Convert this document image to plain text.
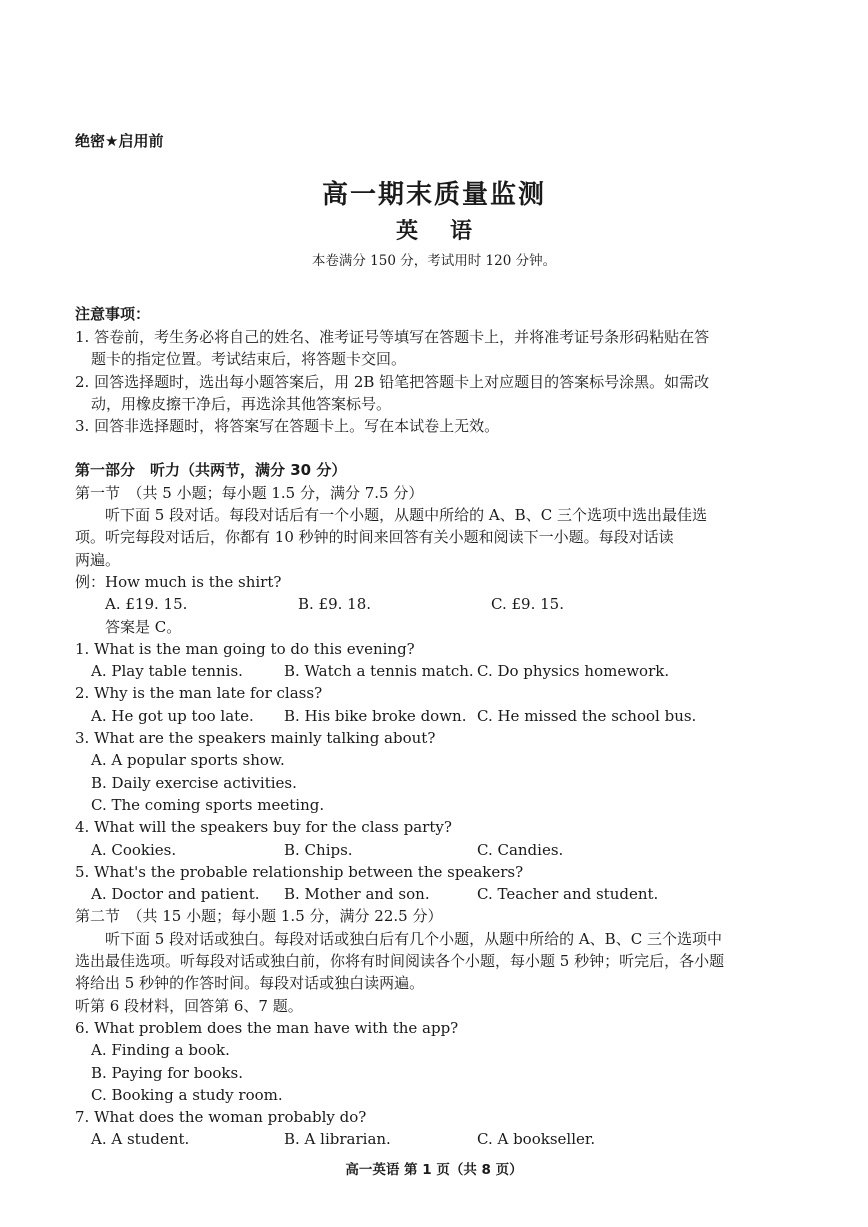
绝密★启用前
高一期末质量监测
英语
本卷满分 150 分，考试用时 120 分钟。
注意事项：
1. 答卷前，考生务必将自己的姓名、准考证号等填写在答题卡上，并将准考证号条形码粘贴在答
题卡的指定位置。考试结束后，将答题卡交回。
2. 回答选择题时，选出每小题答案后，用 2B 铅笔把答题卡上对应题目的答案标号涂黑。如需改
动，用橡皮擦干净后，再选涂其他答案标号。
3. 回答非选择题时，将答案写在答题卡上。写在本试卷上无效。
第一部分　听力（共两节，满分 30 分）
第一节　（共 5 小题；每小题 1.5 分，满分 7.5 分）
听下面 5 段对话。每段对话后有一个小题，从题中所给的 A、B、C 三个选项中选出最佳选
项。听完每段对话后，你都有 10 秒钟的时间来回答有关小题和阅读下一小题。每段对话读
两遍。
例：How much is the shirt?
A. £19. 15.	B. £9. 18.	C. £9. 15.
答案是 C。
1. What is the man going to do this evening?
A. Play table tennis.	B. Watch a tennis match. C. Do physics homework.
2. Why is the man late for class?
A. He got up too late.	B. His bike broke down. C. He missed the school bus.
3. What are the speakers mainly talking about?
A. A popular sports show.
B. Daily exercise activities.
C. The coming sports meeting.
4. What will the speakers buy for the class party?
A. Cookies.	B. Chips.	C. Candies.
5. What's the probable relationship between the speakers?
A. Doctor and patient.	B. Mother and son.	C. Teacher and student.
第二节　（共 15 小题；每小题 1.5 分，满分 22.5 分）
听下面 5 段对话或独白。每段对话或独白后有几个小题，从题中所给的 A、B、C 三个选项中
选出最佳选项。听每段对话或独白前，你将有时间阅读各个小题，每小题 5 秒钟；听完后，各小题
将给出 5 秒钟的作答时间。每段对话或独白读两遍。
听第 6 段材料，回答第 6、7 题。
6. What problem does the man have with the app?
A. Finding a book.
B. Paying for books.
C. Booking a study room.
7. What does the woman probably do?
A. A student.	B. A librarian.	C. A bookseller.
高一英语 第 1 页（共 8 页）
